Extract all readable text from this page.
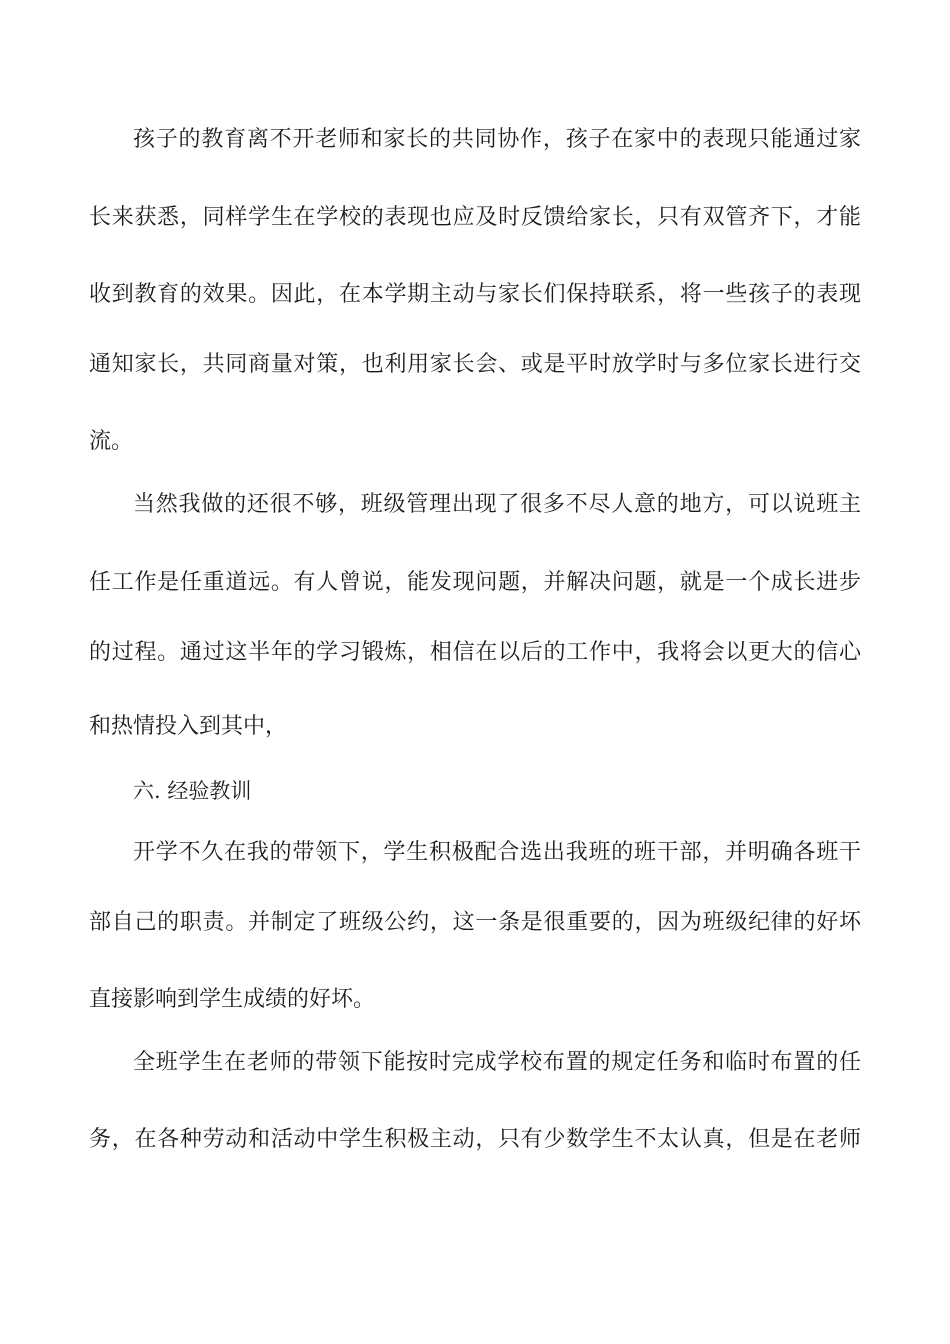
孩子的教育离不开老师和家长的共同协作，孩子在家中的表现只能通过家
长来获悉，同样学生在学校的表现也应及时反馈给家长，只有双管齐下，才能
收到教育的效果。因此，在本学期主动与家长们保持联系，将一些孩子的表现
通知家长，共同商量对策，也利用家长会、或是平时放学时与多位家长进行交
流。
当然我做的还很不够，班级管理出现了很多不尽人意的地方，可以说班主
任工作是任重道远。有人曾说，能发现问题，并解决问题，就是一个成长进步
的过程。通过这半年的学习锻炼，相信在以后的工作中，我将会以更大的信心
和热情投入到其中，
六. 经验教训
开学不久在我的带领下，学生积极配合选出我班的班干部，并明确各班干
部自己的职责。并制定了班级公约，这一条是很重要的，因为班级纪律的好坏
直接影响到学生成绩的好坏。
全班学生在老师的带领下能按时完成学校布置的规定任务和临时布置的任
务，在各种劳动和活动中学生积极主动，只有少数学生不太认真，但是在老师
